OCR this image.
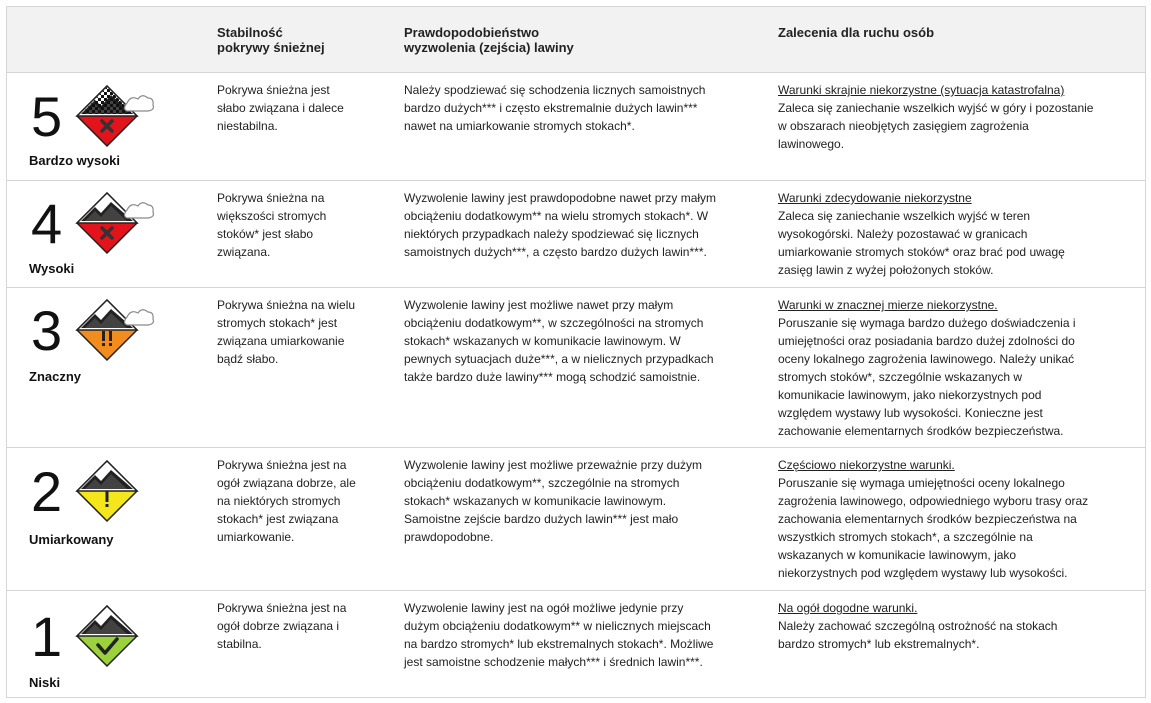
Stabilność
pokrywy śnieżnej
Prawdopodobieństwo
wyzwolenia (zejścia) lawiny
Zalecenia dla ruchu osób
5
Bardzo wysoki
Pokrywa śnieżna jest
słabo związana i dalece
niestabilna.
Należy spodziewać się schodzenia licznych samoistnych
bardzo dużych*** i często ekstremalnie dużych lawin***
nawet na umiarkowanie stromych stokach*.
Warunki skrajnie niekorzystne (sytuacja katastrofalna)
Zaleca się zaniechanie wszelkich wyjść w góry i pozostanie
w obszarach nieobjętych zasięgiem zagrożenia
lawinowego.
4
Wysoki
Pokrywa śnieżna na
większości stromych
stoków* jest słabo
związana.
Wyzwolenie lawiny jest prawdopodobne nawet przy małym
obciążeniu dodatkowym** na wielu stromych stokach*. W
niektórych przypadkach należy spodziewać się licznych
samoistnych dużych***, a często bardzo dużych lawin***.
Warunki zdecydowanie niekorzystne
Zaleca się zaniechanie wszelkich wyjść w teren
wysokogórski. Należy pozostawać w granicach
umiarkowanie stromych stoków* oraz brać pod uwagę
zasięg lawin z wyżej położonych stoków.
3
Znaczny
Pokrywa śnieżna na wielu
stromych stokach* jest
związana umiarkowanie
bądź słabo.
Wyzwolenie lawiny jest możliwe nawet przy małym
obciążeniu dodatkowym**, w szczególności na stromych
stokach* wskazanych w komunikacie lawinowym. W
pewnych sytuacjach duże***, a w nielicznych przypadkach
także bardzo duże lawiny*** mogą schodzić samoistnie.
Warunki w znacznej mierze niekorzystne.
Poruszanie się wymaga bardzo dużego doświadczenia i
umiejętności oraz posiadania bardzo dużej zdolności do
oceny lokalnego zagrożenia lawinowego. Należy unikać
stromych stoków*, szczególnie wskazanych w
komunikacie lawinowym, jako niekorzystnych pod
względem wystawy lub wysokości. Konieczne jest
zachowanie elementarnych środków bezpieczeństwa.
2
Umiarkowany
Pokrywa śnieżna jest na
ogół związana dobrze, ale
na niektórych stromych
stokach* jest związana
umiarkowanie.
Wyzwolenie lawiny jest możliwe przeważnie przy dużym
obciążeniu dodatkowym**, szczególnie na stromych
stokach* wskazanych w komunikacie lawinowym.
Samoistne zejście bardzo dużych lawin*** jest mało
prawdopodobne.
Częściowo niekorzystne warunki.
Poruszanie się wymaga umiejętności oceny lokalnego
zagrożenia lawinowego, odpowiedniego wyboru trasy oraz
zachowania elementarnych środków bezpieczeństwa na
wszystkich stromych stokach*, a szczególnie na
wskazanych w komunikacie lawinowym, jako
niekorzystnych pod względem wystawy lub wysokości.
1
Niski
Pokrywa śnieżna jest na
ogół dobrze związana i
stabilna.
Wyzwolenie lawiny jest na ogół możliwe jedynie przy
dużym obciążeniu dodatkowym** w nielicznych miejscach
na bardzo stromych* lub ekstremalnych stokach*. Możliwe
jest samoistne schodzenie małych*** i średnich lawin***.
Na ogół dogodne warunki.
Należy zachować szczególną ostrożność na stokach
bardzo stromych* lub ekstremalnych*.
